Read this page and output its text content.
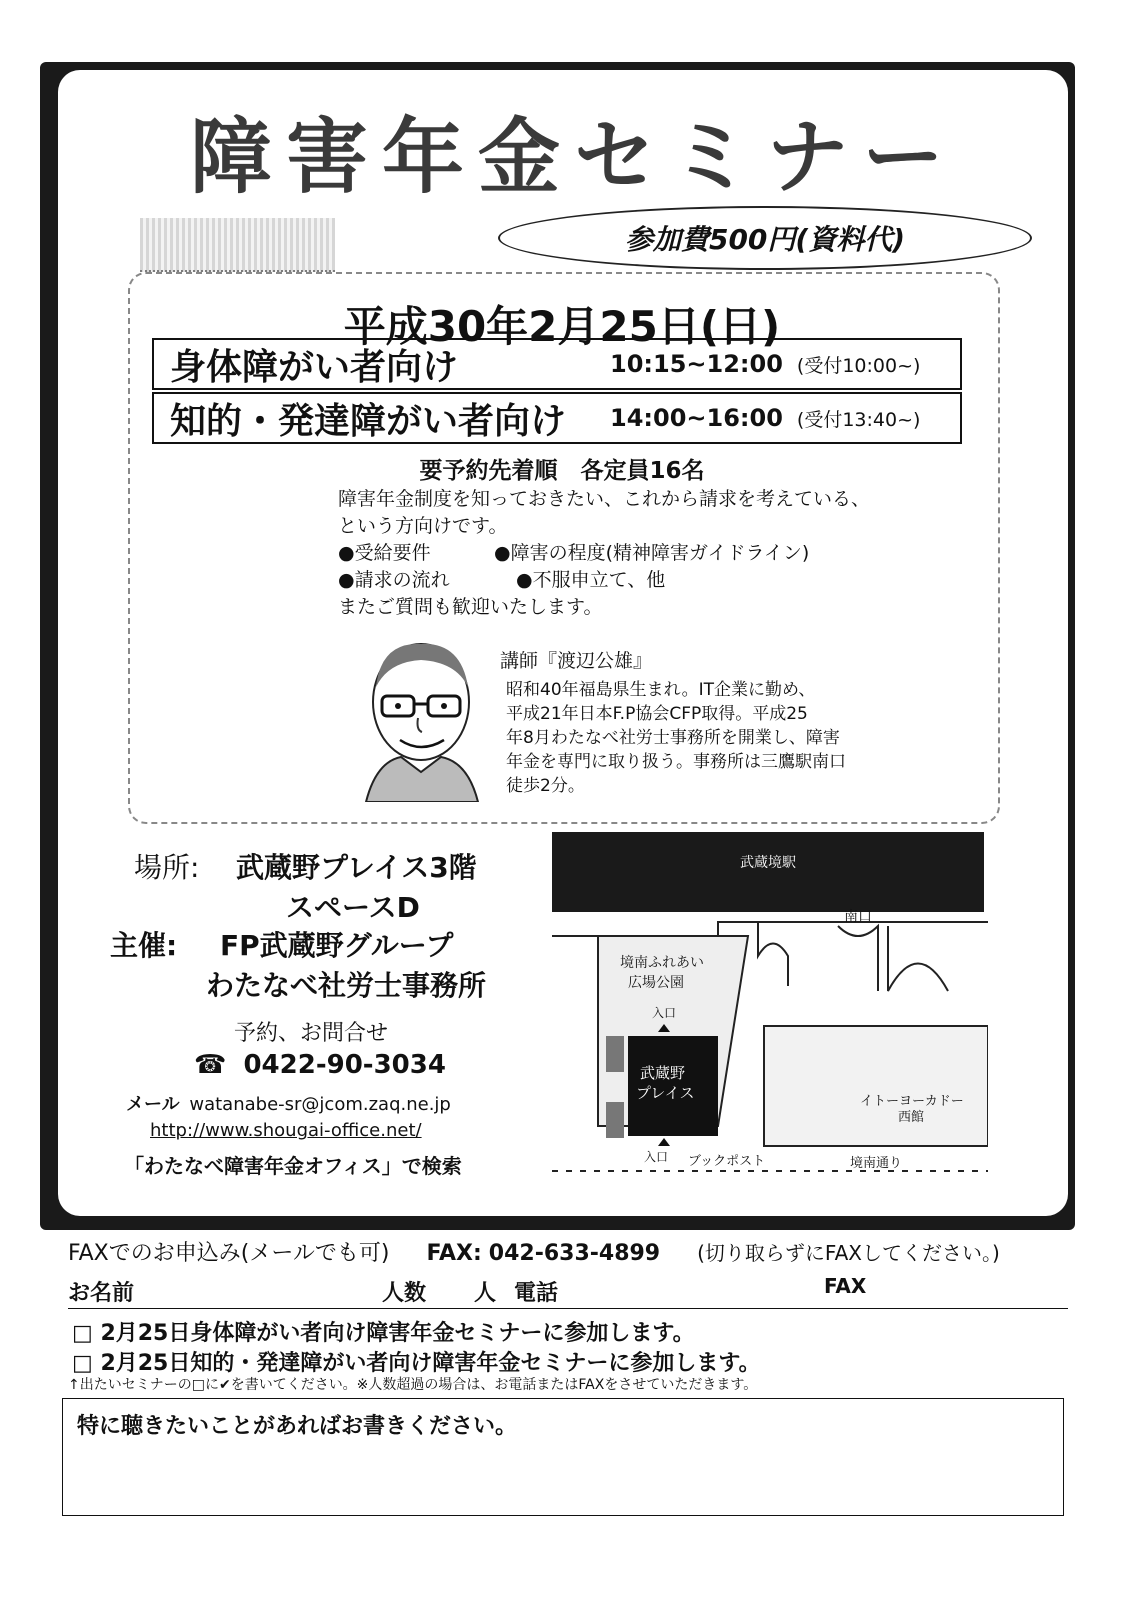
障害年金セミナー
参加費500円(資料代)
平成30年2月25日(日)
身体障がい者向け	10:15~12:00 (受付10:00~)
知的・発達障がい者向け	14:00~16:00 (受付13:40~)
要予約先着順　各定員16名
障害年金制度を知っておきたい、これから請求を考えている、
という方向けです。
●受給要件	●障害の程度(精神障害ガイドライン)
●請求の流れ	●不服申立て、他
またご質問も歓迎いたします。
講師『渡辺公雄』
昭和40年福島県生まれ。IT企業に勤め、
平成21年日本F.P協会CFP取得。平成25
年8月わたなべ社労士事務所を開業し、障害
年金を専門に取り扱う。事務所は三鷹駅南口
徒歩2分。
場所: 武蔵野プレイス3階
スペースD
主催: FP武蔵野グループ
わたなべ社労士事務所
予約、お問合せ
☎ 0422-90-3034
メール watanabe-sr@jcom.zaq.ne.jp
http://www.shougai-office.net/
「わたなべ障害年金オフィス」で検索
武蔵境駅
南口
境南ふれあい
広場公園
入口
武蔵野
プレイス
入口 ブックポスト
イトーヨーカドー
西館
境南通り
FAXでのお申込み(メールでも可) FAX: 042-633-4899 (切り取らずにFAXしてください。)
お名前	人数 人 電話	FAX
□ 2月25日身体障がい者向け障害年金セミナーに参加します。
□ 2月25日知的・発達障がい者向け障害年金セミナーに参加します。
↑出たいセミナーの□に✔を書いてください。※人数超過の場合は、お電話またはFAXをさせていただきます。
特に聴きたいことがあればお書きください。
